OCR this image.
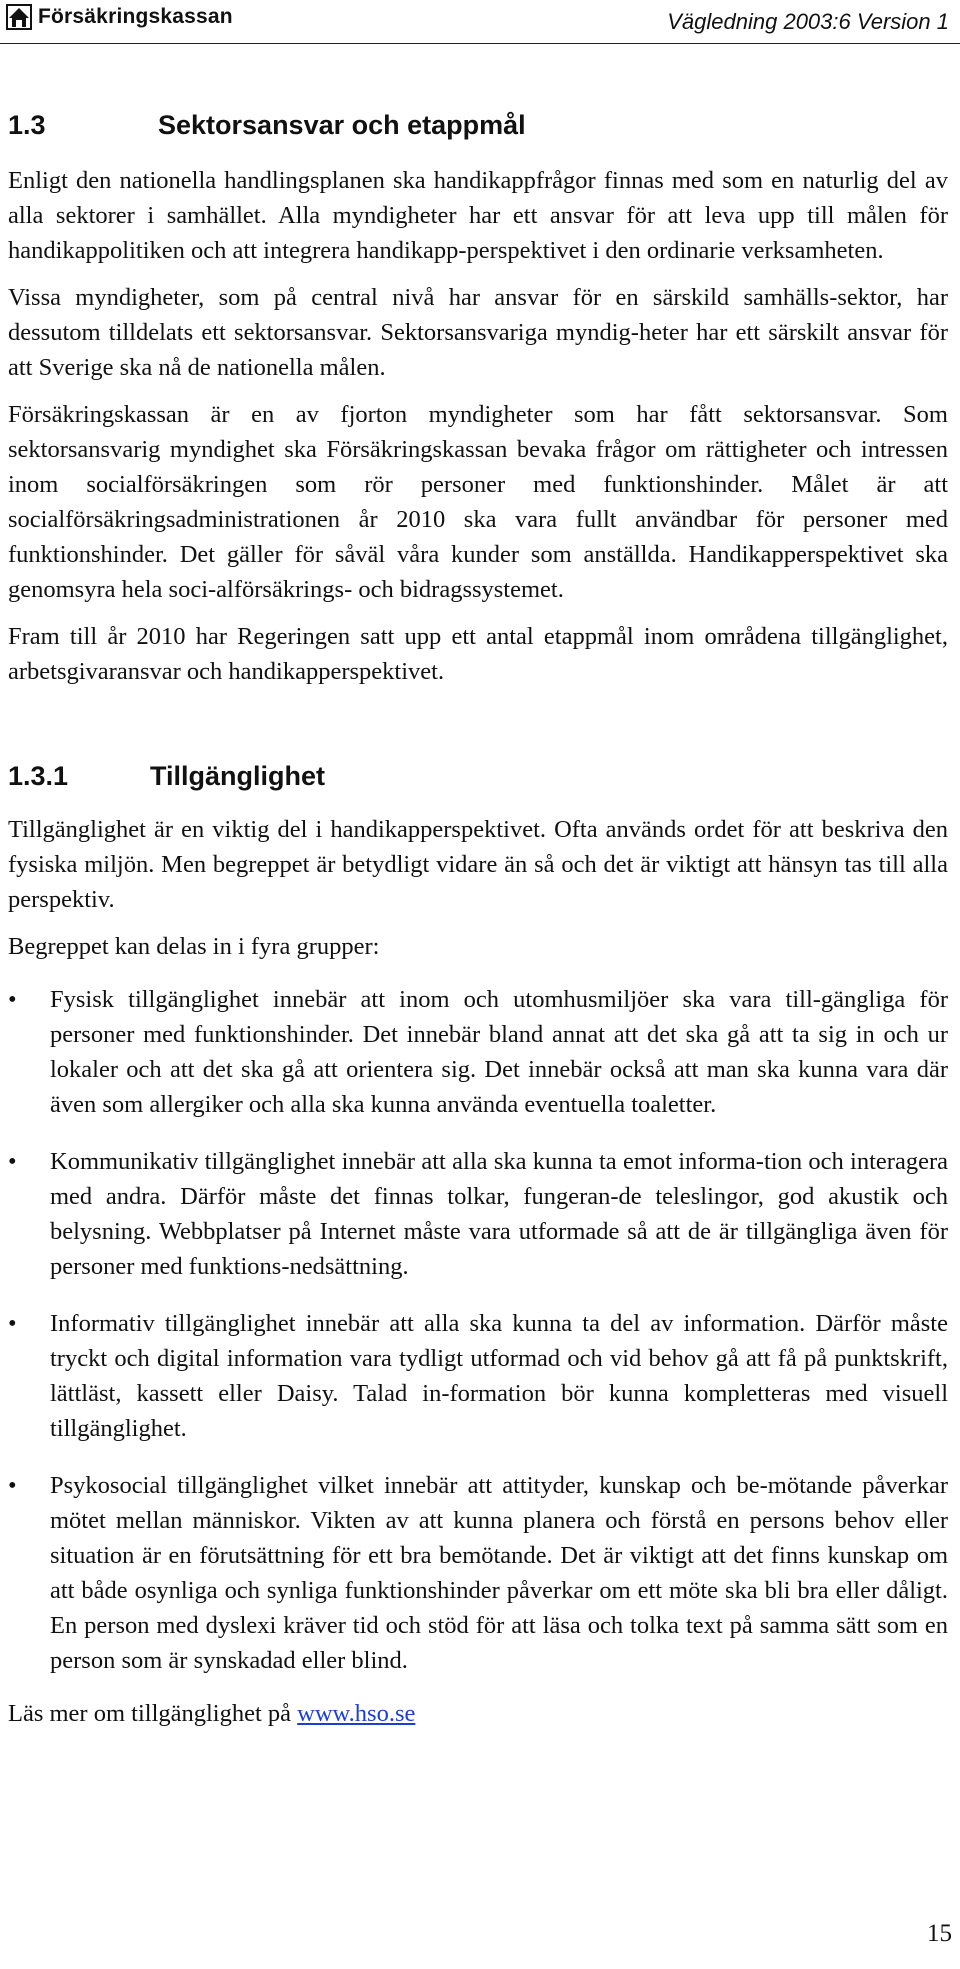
Försäkringskassan	Vägledning 2003:6 Version 1
1.3	Sektorsansvar och etappmål

Enligt den nationella handlingsplanen ska handikappfrågor finnas med som en naturlig del av alla sektorer i samhället. Alla myndigheter har ett ansvar för att leva upp till målen för handikappolitiken och att integrera handikapp-perspektivet i den ordinarie verksamheten.

Vissa myndigheter, som på central nivå har ansvar för en särskild samhälls-sektor, har dessutom tilldelats ett sektorsansvar. Sektorsansvariga myndig-heter har ett särskilt ansvar för att Sverige ska nå de nationella målen.

Försäkringskassan är en av fjorton myndigheter som har fått sektorsansvar. Som sektorsansvarig myndighet ska Försäkringskassan bevaka frågor om rättigheter och intressen inom socialförsäkringen som rör personer med funktionshinder. Målet är att socialförsäkringsadministrationen år 2010 ska vara fullt användbar för personer med funktionshinder. Det gäller för såväl våra kunder som anställda. Handikapperspektivet ska genomsyra hela soci-alförsäkrings- och bidragssystemet.

Fram till år 2010 har Regeringen satt upp ett antal etappmål inom områdena tillgänglighet, arbetsgivaransvar och handikapperspektivet.

1.3.1	Tillgänglighet

Tillgänglighet är en viktig del i handikapperspektivet. Ofta används ordet för att beskriva den fysiska miljön. Men begreppet är betydligt vidare än så och det är viktigt att hänsyn tas till alla perspektiv.

Begreppet kan delas in i fyra grupper:

•	Fysisk tillgänglighet innebär att inom och utomhusmiljöer ska vara till-gängliga för personer med funktionshinder. Det innebär bland annat att det ska gå att ta sig in och ur lokaler och att det ska gå att orientera sig. Det innebär också att man ska kunna vara där även som allergiker och alla ska kunna använda eventuella toaletter.

•	Kommunikativ tillgänglighet innebär att alla ska kunna ta emot informa-tion och interagera med andra. Därför måste det finnas tolkar, fungeran-de teleslingor, god akustik och belysning. Webbplatser på Internet måste vara utformade så att de är tillgängliga även för personer med funktions-nedsättning.

•	Informativ tillgänglighet innebär att alla ska kunna ta del av information. Därför måste tryckt och digital information vara tydligt utformad och vid behov gå att få på punktskrift, lättläst, kassett eller Daisy. Talad in-formation bör kunna kompletteras med visuell tillgänglighet.

•	Psykosocial tillgänglighet vilket innebär att attityder, kunskap och be-mötande påverkar mötet mellan människor. Vikten av att kunna planera och förstå en persons behov eller situation är en förutsättning för ett bra bemötande. Det är viktigt att det finns kunskap om att både osynliga och synliga funktionshinder påverkar om ett möte ska bli bra eller dåligt. En person med dyslexi kräver tid och stöd för att läsa och tolka text på samma sätt som en person som är synskadad eller blind.

Läs mer om tillgänglighet på www.hso.se
15
